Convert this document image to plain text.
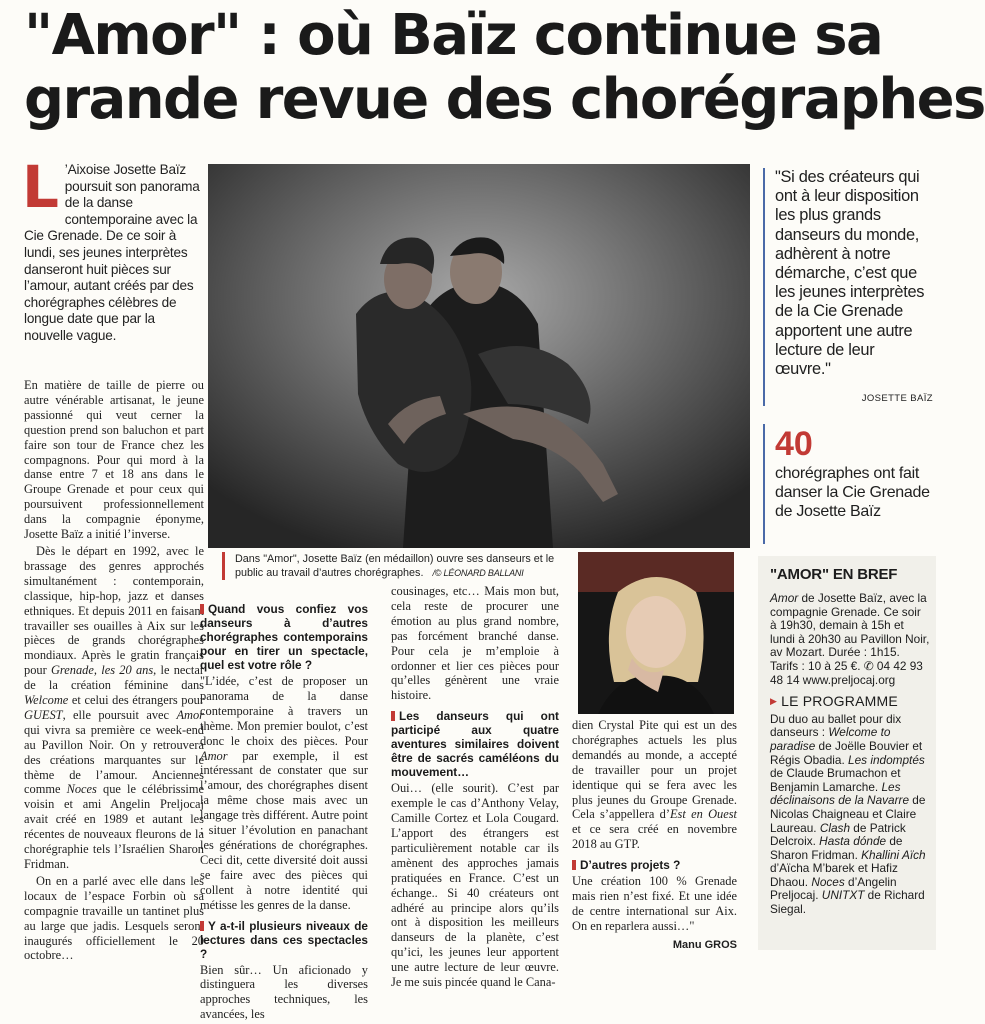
"Amor" : où Baïz continue sa
grande revue des chorégraphes
L ’Aixoise Josette Baïz poursuit son panorama de la danse contemporaine avec la Cie Grenade. De ce soir à lundi, ses jeunes interprètes danseront huit pièces sur l’amour, autant créés par des chorégraphes célèbres de longue date que par la nouvelle vague.

En matière de taille de pierre ou autre vénérable artisanat, le jeune passionné qui veut cerner la question prend son baluchon et part faire son tour de France chez les compagnons. Pour qui mord à la danse entre 7 et 18 ans dans le Groupe Grenade et pour ceux qui poursuivent professionnellement dans la compagnie éponyme, Josette Baïz a initié l’inverse.

Dès le départ en 1992, avec le brassage des genres approchés simultanément : contemporain, classique, hip-hop, jazz et danses ethniques. Et depuis 2011 en faisant travailler ses ouailles à Aix sur les pièces de grands chorégraphes mondiaux. Après le gratin français pour Grenade, les 20 ans, le nectar de la création féminine dans Welcome et celui des étrangers pour GUEST, elle poursuit avec Amor qui vivra sa première ce week-end au Pavillon Noir. On y retrouvera des créations marquantes sur le thème de l’amour. Anciennes comme Noces que le célébrissime voisin et ami Angelin Preljocaj avait créé en 1989 et autant les récentes de nouveaux fleurons de la chorégraphie tels l’Israélien Sharon Fridman.

On en a parlé avec elle dans les locaux de l’espace Forbin où sa compagnie travaille un tantinet plus au large que jadis. Lesquels seront inaugurés officiellement le 20 octobre…

Dans "Amor", Josette Baïz (en médaillon) ouvre ses danseurs et le public au travail d’autres chorégraphes. /© LÉONARD BALLANI
Quand vous confiez vos danseurs à d’autres chorégraphes contemporains pour en tirer un spectacle, quel est votre rôle ?

"L’idée, c’est de proposer un panorama de la danse contemporaine à travers un thème. Mon premier boulot, c’est donc le choix des pièces. Pour Amor par exemple, il est intéressant de constater que sur l’amour, des chorégraphes disent la même chose mais avec un langage très différent. Autre point : situer l’évolution en panachant les générations de chorégraphes. Ceci dit, cette diversité doit aussi se faire avec des pièces qui collent à notre identité qui métisse les genres de la danse.

Y a-t-il plusieurs niveaux de lectures dans ces spectacles ?

Bien sûr… Un aficionado y distinguera les diverses approches techniques, les avancées, les

cousinages, etc… Mais mon but, cela reste de procurer une émotion au plus grand nombre, pas forcément branché danse. Pour cela je m’emploie à ordonner et lier ces pièces pour qu’elles génèrent une vraie histoire.

Les danseurs qui ont participé aux quatre aventures similaires doivent être de sacrés caméléons du mouvement…

Oui… (elle sourit). C’est par exemple le cas d’Anthony Velay, Camille Cortez et Lola Cougard. L’apport des étrangers est particulièrement notable car ils amènent des approches jamais pratiquées en France. C’est un échange.. Si 40 créateurs ont adhéré au principe alors qu’ils ont à disposition les meilleurs danseurs de la planète, c’est qu’ici, les jeunes leur apportent une autre lecture de leur œuvre. Je me suis pincée quand le Cana-

dien Crystal Pite qui est un des chorégraphes actuels les plus demandés au monde, a accepté de travailler pour un projet identique qui se fera avec les plus jeunes du Groupe Grenade. Cela s’appellera d’Est en Ouest et ce sera créé en novembre 2018 au GTP.

D’autres projets ?

Une création 100 % Grenade mais rien n’est fixé. Et une idée de centre international sur Aix. On en reparlera aussi…"

Manu GROS
"Si des créateurs qui ont à leur disposition les plus grands danseurs du monde, adhèrent à notre démarche, c’est que les jeunes interprètes de la Cie Grenade apportent une autre lecture de leur œuvre."
JOSETTE BAÏZ
40
chorégraphes ont fait danser la Cie Grenade de Josette Baïz
"AMOR" EN BREF
Amor de Josette Baïz, avec la compagnie Grenade. Ce soir à 19h30, demain à 15h et lundi à 20h30 au Pavillon Noir, av Mozart. Durée : 1h15. Tarifs : 10 à 25 €. ✆ 04 42 93 48 14 www.preljocaj.org
▶ LE PROGRAMME
Du duo au ballet pour dix danseurs : Welcome to paradise de Joëlle Bouvier et Régis Obadia. Les indomptés de Claude Brumachon et Benjamin Lamarche. Les déclinaisons de la Navarre de Nicolas Chaigneau et Claire Laureau. Clash de Patrick Delcroix. Hasta dónde de Sharon Fridman. Khallini Aïch d’Aïcha M’barek et Hafiz Dhaou. Noces d’Angelin Preljocaj. UNITXT de Richard Siegal.
